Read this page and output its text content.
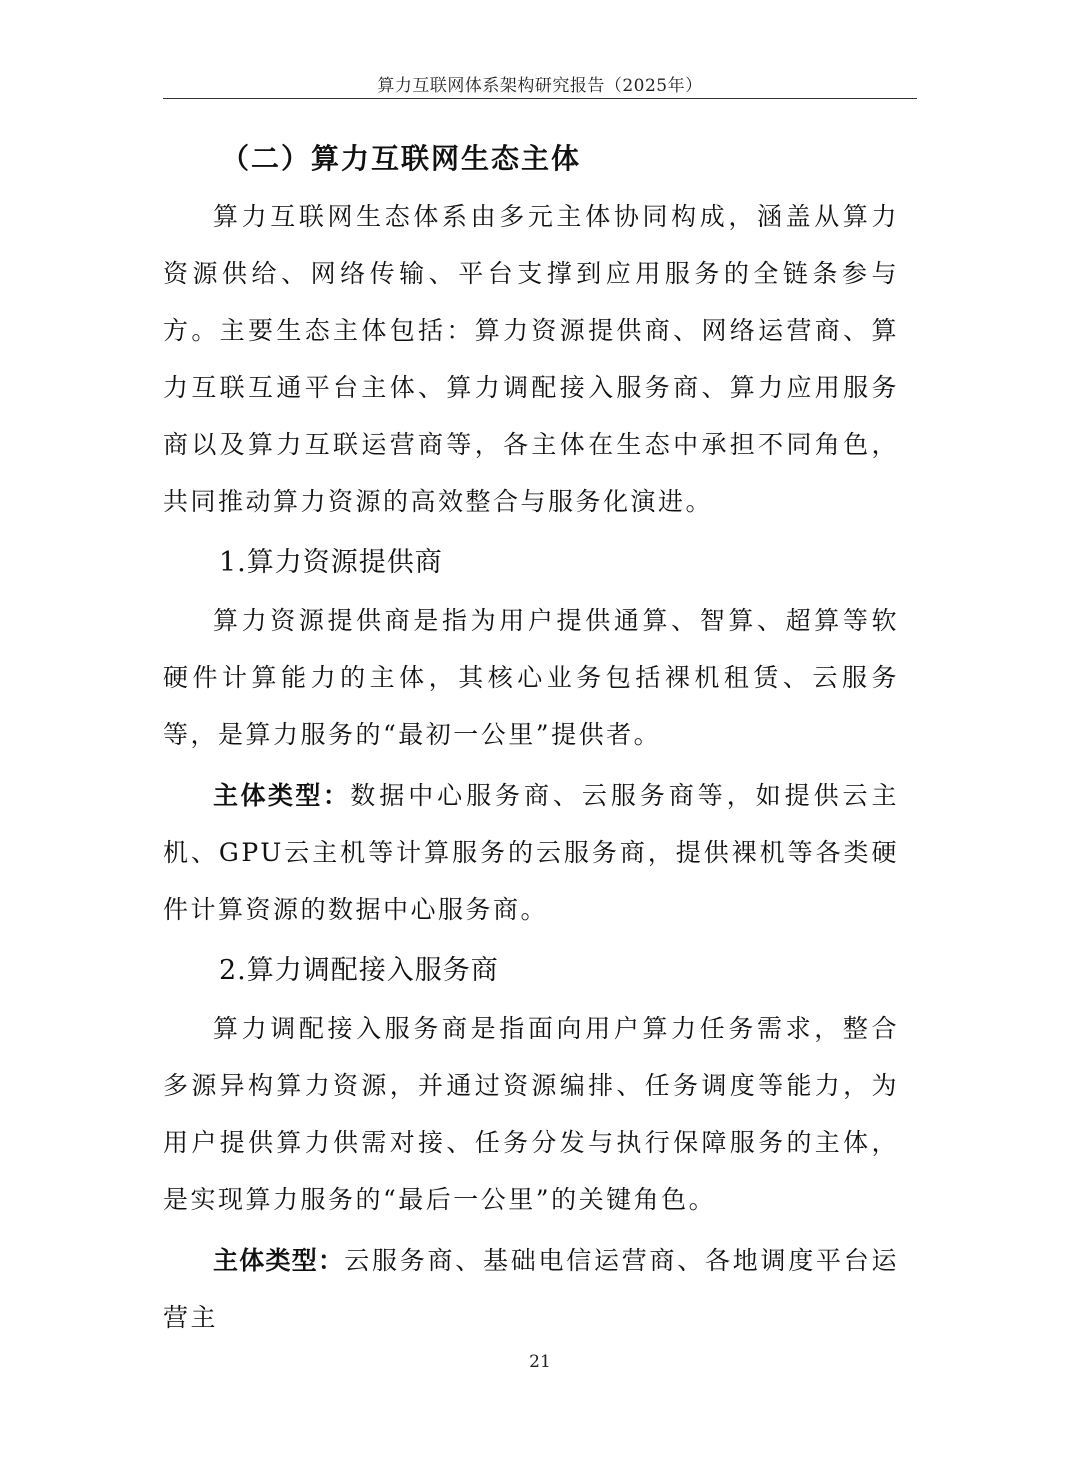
算力互联网体系架构研究报告（2025年）
（二）算力互联网生态主体

算力互联网生态体系由多元主体协同构成，涵盖从算力资源供给、网络传输、平台支撑到应用服务的全链条参与方。主要生态主体包括：算力资源提供商、网络运营商、算力互联互通平台主体、算力调配接入服务商、算力应用服务商以及算力互联运营商等，各主体在生态中承担不同角色，共同推动算力资源的高效整合与服务化演进。

1.算力资源提供商

算力资源提供商是指为用户提供通算、智算、超算等软硬件计算能力的主体，其核心业务包括裸机租赁、云服务等，是算力服务的“最初一公里”提供者。

主体类型：数据中心服务商、云服务商等，如提供云主机、GPU云主机等计算服务的云服务商，提供裸机等各类硬件计算资源的数据中心服务商。

2.算力调配接入服务商

算力调配接入服务商是指面向用户算力任务需求，整合多源异构算力资源，并通过资源编排、任务调度等能力，为用户提供算力供需对接、任务分发与执行保障服务的主体，是实现算力服务的“最后一公里”的关键角色。

主体类型：云服务商、基础电信运营商、各地调度平台运营主

21
